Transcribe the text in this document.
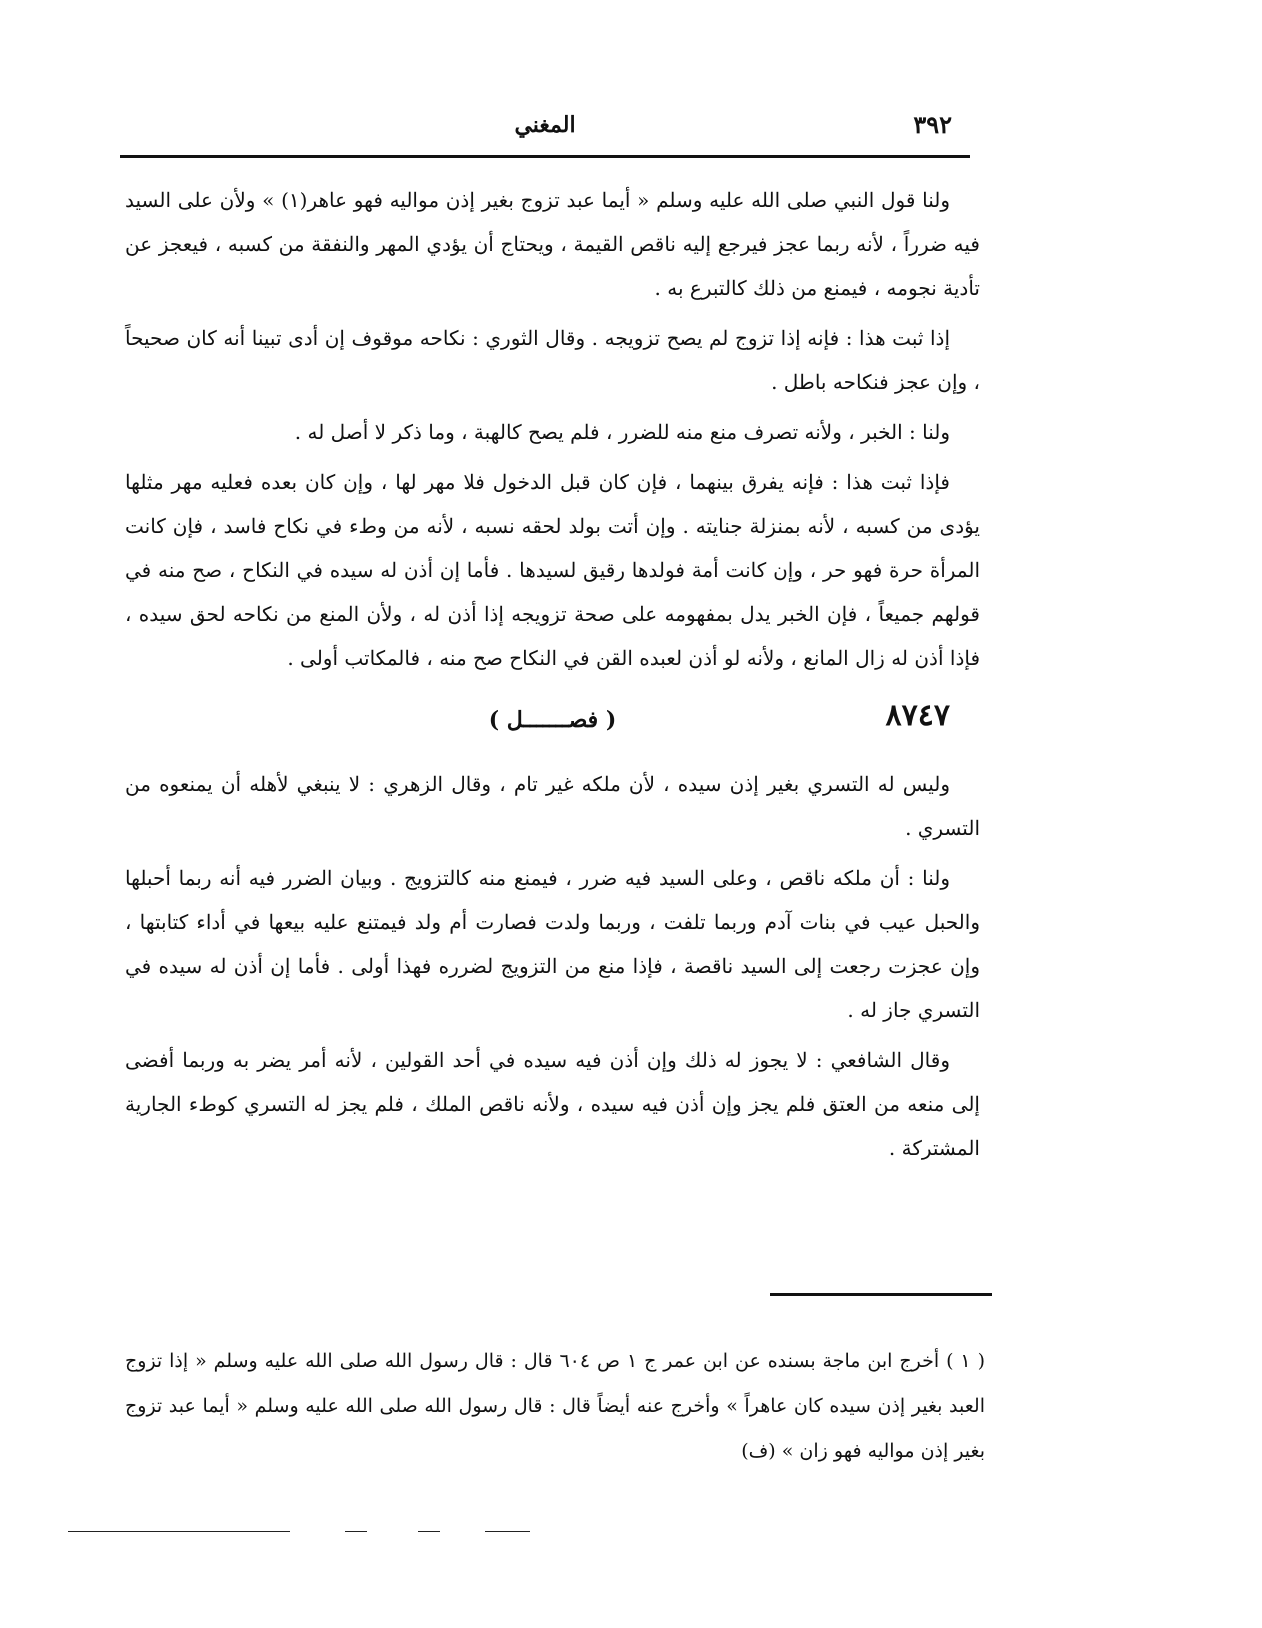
٣٩٢
المغني

ولنا قول النبي صلى الله عليه وسلم « أيما عبد تزوج بغير إذن مواليه فهو عاهر(١) » ولأن على السيد فيه ضرراً ، لأنه ربما عجز فيرجع إليه ناقص القيمة ، ويحتاج أن يؤدي المهر والنفقة من كسبه ، فيعجز عن تأدية نجومه ، فيمنع من ذلك كالتبرع به .

إذا ثبت هذا : فإنه إذا تزوج لم يصح تزويجه . وقال الثوري : نكاحه موقوف إن أدى تبينا أنه كان صحيحاً ، وإن عجز فنكاحه باطل .

ولنا : الخبر ، ولأنه تصرف منع منه للضرر ، فلم يصح كالهبة ، وما ذكر لا أصل له .

فإذا ثبت هذا : فإنه يفرق بينهما ، فإن كان قبل الدخول فلا مهر لها ، وإن كان بعده فعليه مهر مثلها يؤدى من كسبه ، لأنه بمنزلة جنايته . وإن أتت بولد لحقه نسبه ، لأنه من وطء في نكاح فاسد ، فإن كانت المرأة حرة فهو حر ، وإن كانت أمة فولدها رقيق لسيدها . فأما إن أذن له سيده في النكاح ، صح منه في قولهم جميعاً ، فإن الخبر يدل بمفهومه على صحة تزويجه إذا أذن له ، ولأن المنع من نكاحه لحق سيده ، فإذا أذن له زال المانع ، ولأنه لو أذن لعبده القن في النكاح صح منه ، فالمكاتب أولى .

٨٧٤٧
( فصـــــــل )

وليس له التسري بغير إذن سيده ، لأن ملكه غير تام ، وقال الزهري : لا ينبغي لأهله أن يمنعوه من التسري .

ولنا : أن ملكه ناقص ، وعلى السيد فيه ضرر ، فيمنع منه كالتزويج . وبيان الضرر فيه أنه ربما أحبلها والحبل عيب في بنات آدم وربما تلفت ، وربما ولدت فصارت أم ولد فيمتنع عليه بيعها في أداء كتابتها ، وإن عجزت رجعت إلى السيد ناقصة ، فإذا منع من التزويج لضرره فهذا أولى . فأما إن أذن له سيده في التسري جاز له .

وقال الشافعي : لا يجوز له ذلك وإن أذن فيه سيده في أحد القولين ، لأنه أمر يضر به وربما أفضى إلى منعه من العتق فلم يجز وإن أذن فيه سيده ، ولأنه ناقص الملك ، فلم يجز له التسري كوطء الجارية المشتركة .

( ١ ) أخرج ابن ماجة بسنده عن ابن عمر ج ١ ص ٦٠٤ قال : قال رسول الله صلى الله عليه وسلم « إذا تزوج العبد بغير إذن سيده كان عاهراً » وأخرج عنه أيضاً قال : قال رسول الله صلى الله عليه وسلم « أيما عبد تزوج بغير إذن مواليه فهو زان » (ف)
